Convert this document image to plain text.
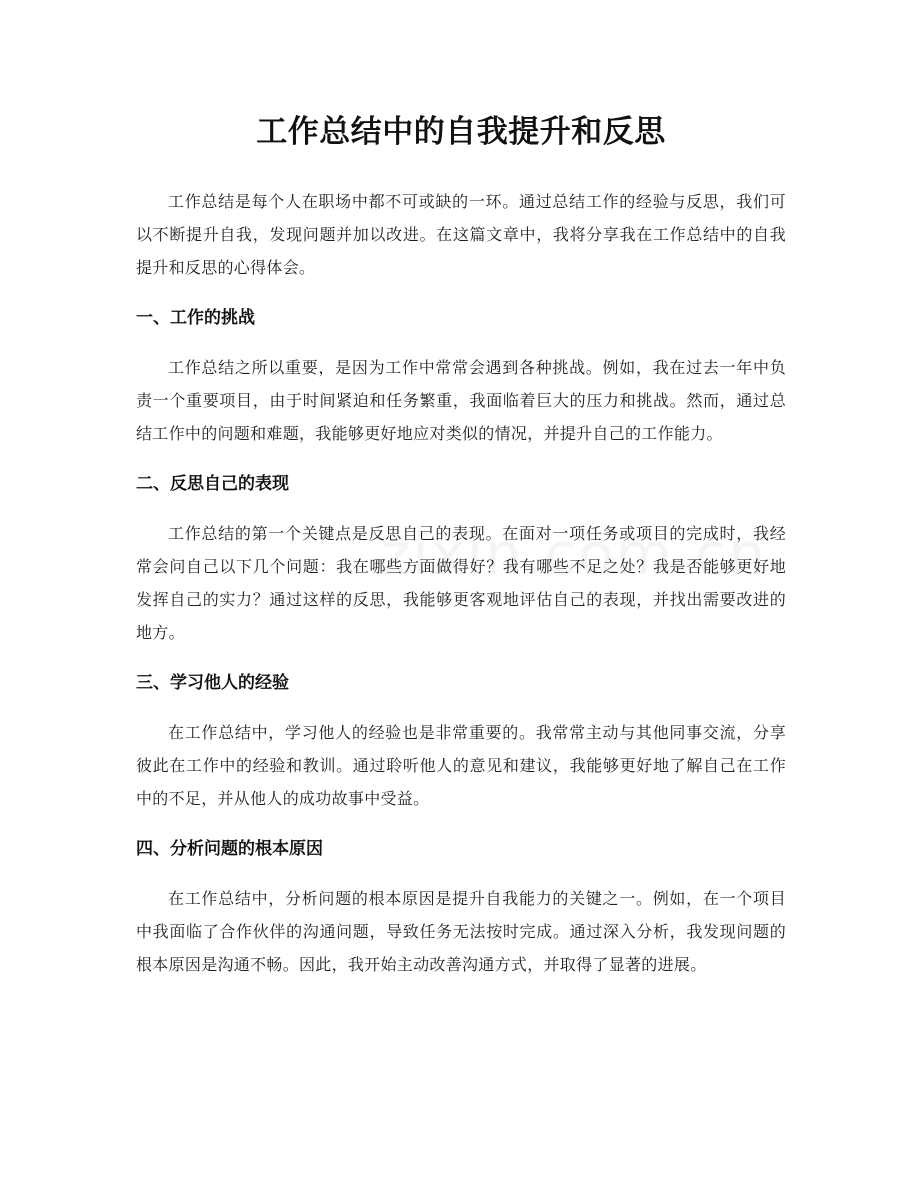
工作总结中的自我提升和反思

工作总结是每个人在职场中都不可或缺的一环。通过总结工作的经验与反思，我们可以不断提升自我，发现问题并加以改进。在这篇文章中，我将分享我在工作总结中的自我提升和反思的心得体会。

一、工作的挑战

工作总结之所以重要，是因为工作中常常会遇到各种挑战。例如，我在过去一年中负责一个重要项目，由于时间紧迫和任务繁重，我面临着巨大的压力和挑战。然而，通过总结工作中的问题和难题，我能够更好地应对类似的情况，并提升自己的工作能力。

二、反思自己的表现

工作总结的第一个关键点是反思自己的表现。在面对一项任务或项目的完成时，我经常会问自己以下几个问题：我在哪些方面做得好？我有哪些不足之处？我是否能够更好地发挥自己的实力？通过这样的反思，我能够更客观地评估自己的表现，并找出需要改进的地方。

三、学习他人的经验

在工作总结中，学习他人的经验也是非常重要的。我常常主动与其他同事交流，分享彼此在工作中的经验和教训。通过聆听他人的意见和建议，我能够更好地了解自己在工作中的不足，并从他人的成功故事中受益。

四、分析问题的根本原因

在工作总结中，分析问题的根本原因是提升自我能力的关键之一。例如，在一个项目中我面临了合作伙伴的沟通问题，导致任务无法按时完成。通过深入分析，我发现问题的根本原因是沟通不畅。因此，我开始主动改善沟通方式，并取得了显著的进展。
